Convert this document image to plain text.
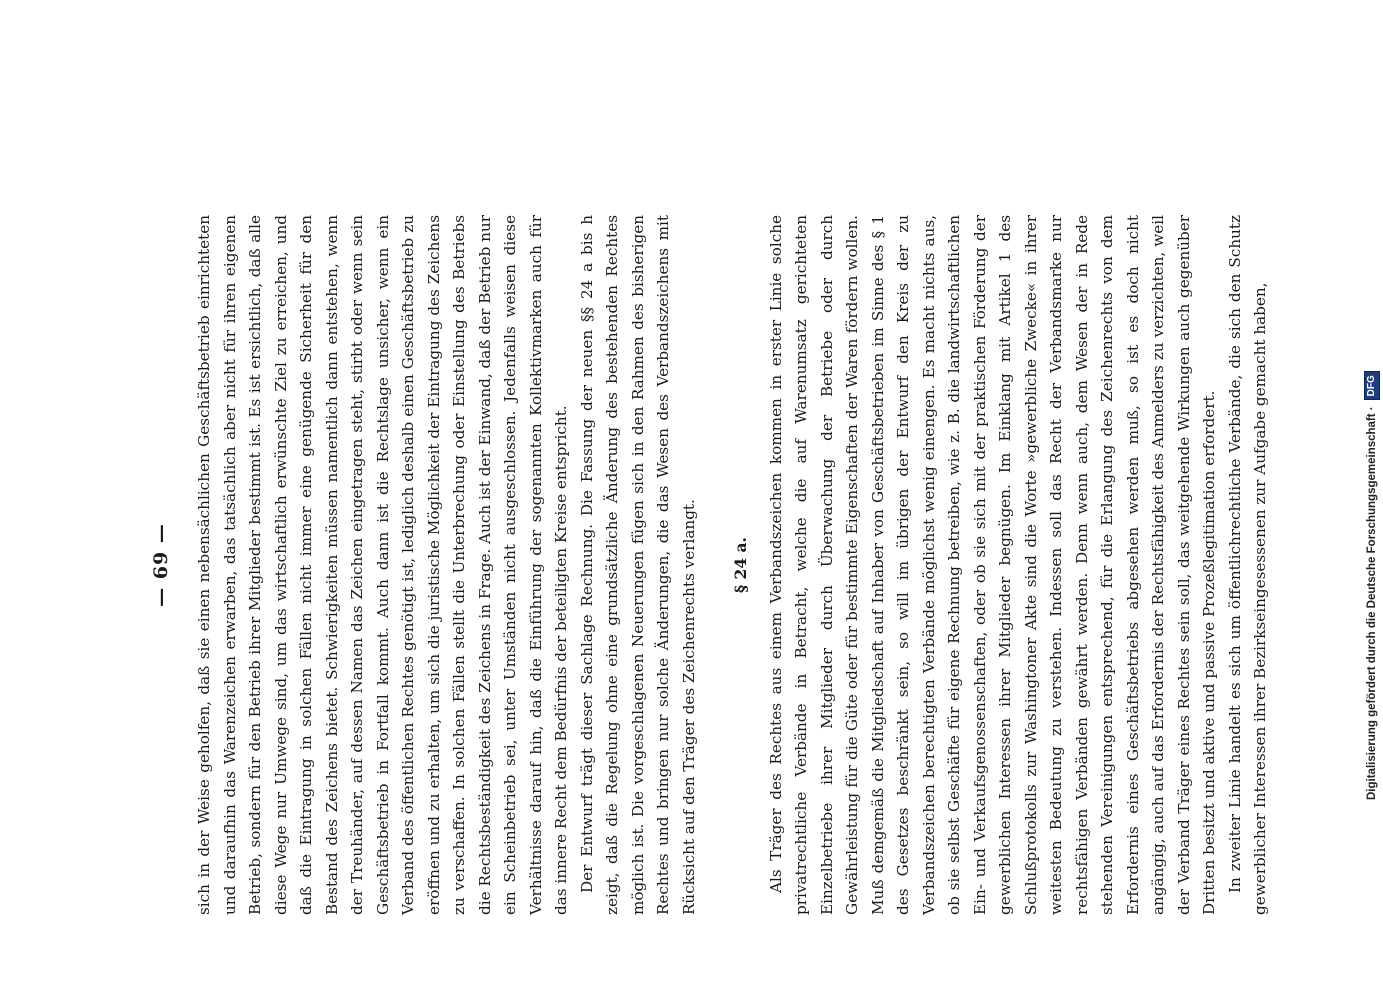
— 69 —	sich in der Weise geholfen, daß sie einen nebensächlichen Geschäftsbetrieb einrichteten und daraufhin das Warenzeichen erwarben, das tatsächlich aber nicht für ihren eigenen Betrieb, sondern für den Betrieb ihrer Mitglieder bestimmt ist. Es ist ersichtlich, daß alle diese Wege nur Umwege sind, um das wirtschaftlich erwünschte Ziel zu erreichen, und daß die Eintragung in solchen Fällen nicht immer eine genügende Sicherheit für den Bestand des Zeichens bietet. Schwierigkeiten müssen namentlich dann entstehen, wenn der Treuhänder, auf dessen Namen das Zeichen eingetragen steht, stirbt oder wenn sein Geschäftsbetrieb in Fortfall kommt. Auch dann ist die Rechtslage unsicher, wenn ein Verband des öffentlichen Rechtes genötigt ist, lediglich deshalb einen Geschäftsbetrieb zu eröffnen und zu erhalten, um sich die juristische Möglichkeit der Eintragung des Zeichens zu verschaffen. In solchen Fällen stellt die Unterbrechung oder Einstellung des Betriebs die Rechtsbeständigkeit des Zeichens in Frage. Auch ist der Einwand, daß der Betrieb nur ein Scheinbetrieb sei, unter Umständen nicht ausgeschlossen. Jedenfalls weisen diese Verhältnisse darauf hin, daß die Einführung der sogenannten Kollektivmarken auch für das innere Recht dem Bedürfnis der beteiligten Kreise entspricht. Der Entwurf trägt dieser Sachlage Rechnung. Die Fassung der neuen §§ 24 a bis h zeigt, daß die Regelung ohne eine grundsätzliche Änderung des bestehenden Rechtes möglich ist. Die vorgeschlagenen Neuerungen fügen sich in den Rahmen des bisherigen Rechtes und bringen nur solche Änderungen, die das Wesen des Verbandszeichens mit Rücksicht auf den Träger des Zeichenrechts verlangt. § 24 a. Als Träger des Rechtes aus einem Verbandszeichen kommen in erster Linie solche privatrechtliche Verbände in Betracht, welche die auf Warenumsatz gerichteten Einzelbetriebe ihrer Mitglieder durch Überwachung der Betriebe oder durch Gewährleistung für die Güte oder für bestimmte Eigenschaften der Waren fördern wollen. Muß demgemäß die Mitgliedschaft auf Inhaber von Geschäftsbetrieben im Sinne des § 1 des Gesetzes beschränkt sein, so will im übrigen der Entwurf den Kreis der zu Verbandszeichen berechtigten Verbände möglichst wenig einengen. Es macht nichts aus, ob sie selbst Geschäfte für eigene Rechnung betreiben, wie z. B. die landwirtschaftlichen Ein- und Verkaufsgenossenschaften, oder ob sie sich mit der praktischen Förderung der gewerblichen Interessen ihrer Mitglieder begnügen. Im Einklang mit Artikel 1 des Schlußprotokolls zur Washingtoner Akte sind die Worte »gewerbliche Zwecke« in ihrer weitesten Bedeutung zu verstehen. Indessen soll das Recht der Verbandsmarke nur rechtsfähigen Verbänden gewährt werden. Denn wenn auch, dem Wesen der in Rede stehenden Vereinigungen entsprechend, für die Erlangung des Zeichenrechts von dem Erfordernis eines Geschäftsbetriebs abgesehen werden muß, so ist es doch nicht angängig, auch auf das Erfordernis der Rechtsfähigkeit des Anmelders zu verzichten, weil der Verband Träger eines Rechtes sein soll, das weitgehende Wirkungen auch gegenüber Dritten besitzt und aktive und passive Prozeßlegitimation erfordert. In zweiter Linie handelt es sich um öffentlichrechtliche Verbände, die sich den Schutz gewerblicher Interessen ihrer Bezirkseingesessenen zur Aufgabe gemacht haben,	Digitalisierung gefördert durch die Deutsche Forschungsgemeinschaft ·
DFG
